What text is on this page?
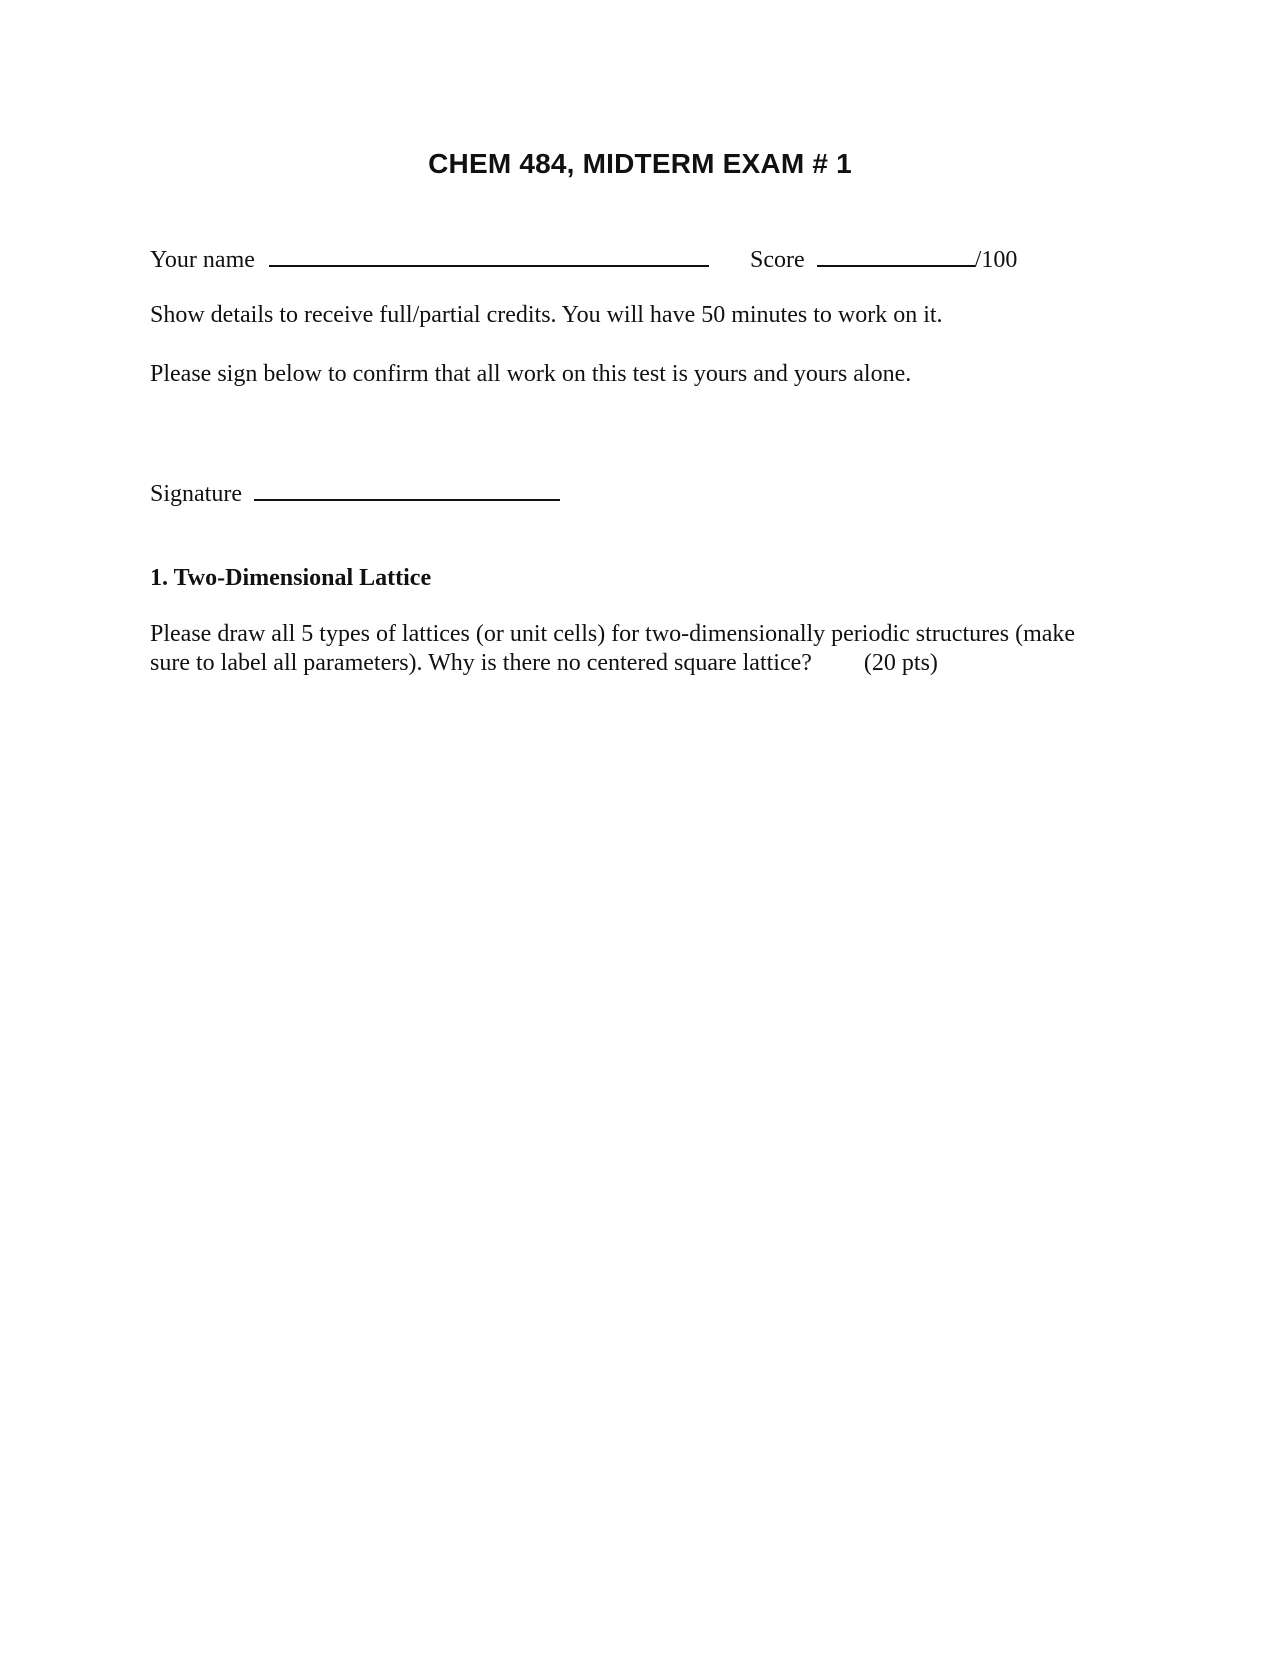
CHEM 484, MIDTERM EXAM # 1
Your name	Score	/100
Show details to receive full/partial credits. You will have 50 minutes to work on it.
Please sign below to confirm that all work on this test is yours and yours alone.
Signature
1. Two-Dimensional Lattice
Please draw all 5 types of lattices (or unit cells) for two-dimensionally periodic structures (make
sure to label all parameters). Why is there no centered square lattice? (20 pts)
